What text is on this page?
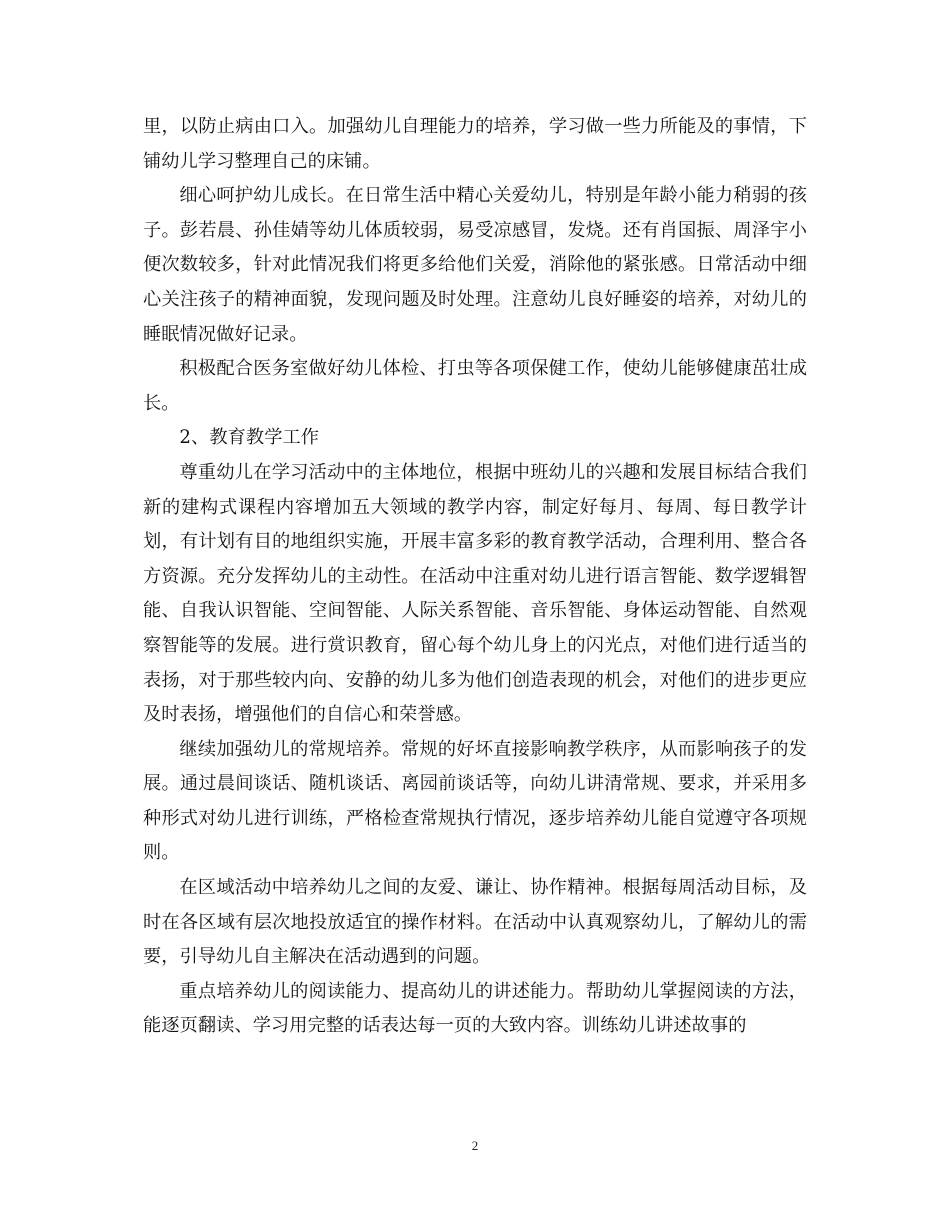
里，以防止病由口入。加强幼儿自理能力的培养，学习做一些力所能及的事情，下铺幼儿学习整理自己的床铺。

细心呵护幼儿成长。在日常生活中精心关爱幼儿，特别是年龄小能力稍弱的孩子。彭若晨、孙佳婧等幼儿体质较弱，易受凉感冒，发烧。还有肖国振、周泽宇小便次数较多，针对此情况我们将更多给他们关爱，消除他的紧张感。日常活动中细心关注孩子的精神面貌，发现问题及时处理。注意幼儿良好睡姿的培养，对幼儿的睡眠情况做好记录。

积极配合医务室做好幼儿体检、打虫等各项保健工作，使幼儿能够健康茁壮成长。

2、教育教学工作

尊重幼儿在学习活动中的主体地位，根据中班幼儿的兴趣和发展目标结合我们新的建构式课程内容增加五大领域的教学内容，制定好每月、每周、每日教学计划，有计划有目的地组织实施，开展丰富多彩的教育教学活动，合理利用、整合各方资源。充分发挥幼儿的主动性。在活动中注重对幼儿进行语言智能、数学逻辑智能、自我认识智能、空间智能、人际关系智能、音乐智能、身体运动智能、自然观察智能等的发展。进行赏识教育，留心每个幼儿身上的闪光点，对他们进行适当的表扬，对于那些较内向、安静的幼儿多为他们创造表现的机会，对他们的进步更应及时表扬，增强他们的自信心和荣誉感。

继续加强幼儿的常规培养。常规的好坏直接影响教学秩序，从而影响孩子的发展。通过晨间谈话、随机谈话、离园前谈话等，向幼儿讲清常规、要求，并采用多种形式对幼儿进行训练，严格检查常规执行情况，逐步培养幼儿能自觉遵守各项规则。

在区域活动中培养幼儿之间的友爱、谦让、协作精神。根据每周活动目标，及时在各区域有层次地投放适宜的操作材料。在活动中认真观察幼儿，了解幼儿的需要，引导幼儿自主解决在活动遇到的问题。

重点培养幼儿的阅读能力、提高幼儿的讲述能力。帮助幼儿掌握阅读的方法，能逐页翻读、学习用完整的话表达每一页的大致内容。训练幼儿讲述故事的

2
